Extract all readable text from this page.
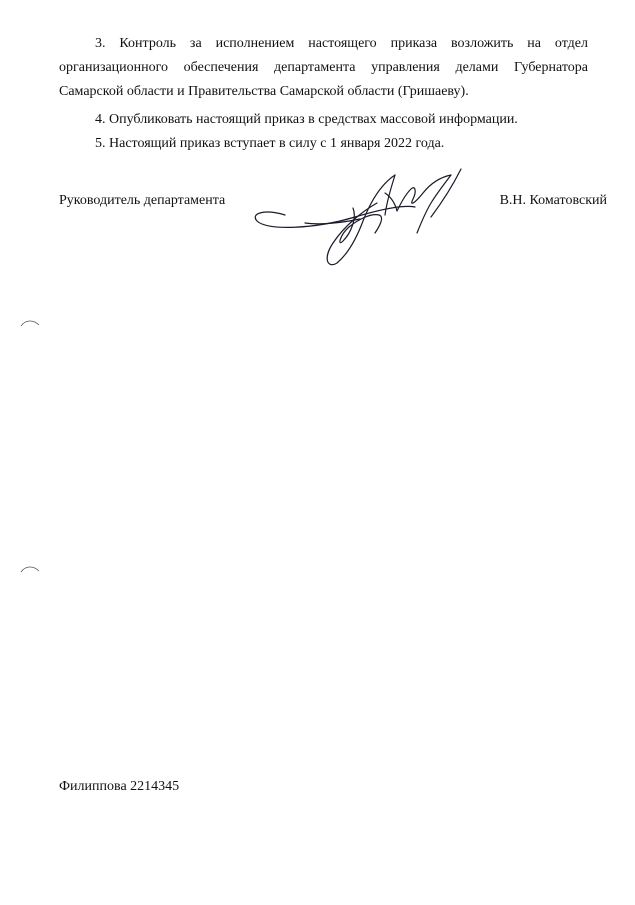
3. Контроль за исполнением настоящего приказа возложить на отдел организационного обеспечения департамента управления делами Губернатора Самарской области и Правительства Самарской области (Гришаеву).

4. Опубликовать настоящий приказ в средствах массовой информации.

5. Настоящий приказ вступает в силу с 1 января 2022 года.

Руководитель департамента	В.Н. Коматовский
Филиппова 2214345
